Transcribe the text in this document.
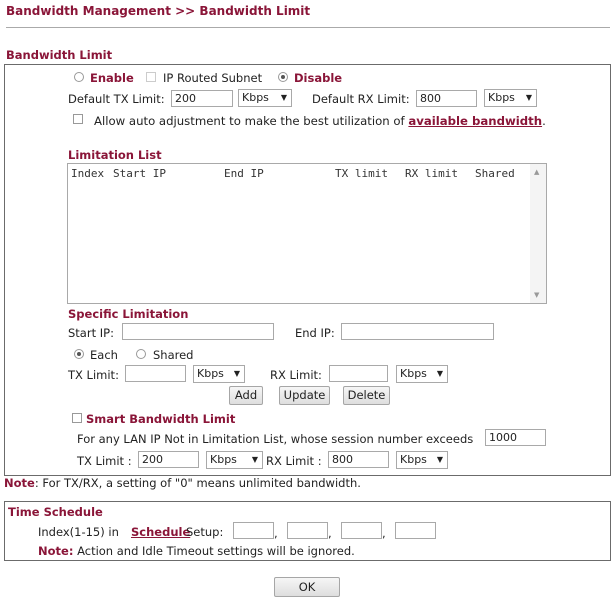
Bandwidth Management >> Bandwidth Limit
Bandwidth Limit
Enable	IP Routed Subnet	Disable
Default TX Limit: 200	Kbps ▼ Default RX Limit: 800	Kbps ▼
Allow auto adjustment to make the best utilization of available bandwidth.
Limitation List
Index Start IP	End IP	TX limit RX limit Shared	▲
▼
Specific Limitation
Start IP:	End IP:
Each	Shared
TX Limit:	Kbps ▼	RX Limit:	Kbps ▼
Add	Update	Delete
Smart Bandwidth Limit
For any LAN IP Not in Limitation List, whose session number exceeds	1000
TX Limit : 200	Kbps ▼ RX Limit : 800	Kbps ▼
Note: For TX/RX, a setting of "0" means unlimited bandwidth.
Time Schedule
Index(1-15) in Schedule
Setup:	,	,	,
Note: Action and Idle Timeout settings will be ignored.
OK
